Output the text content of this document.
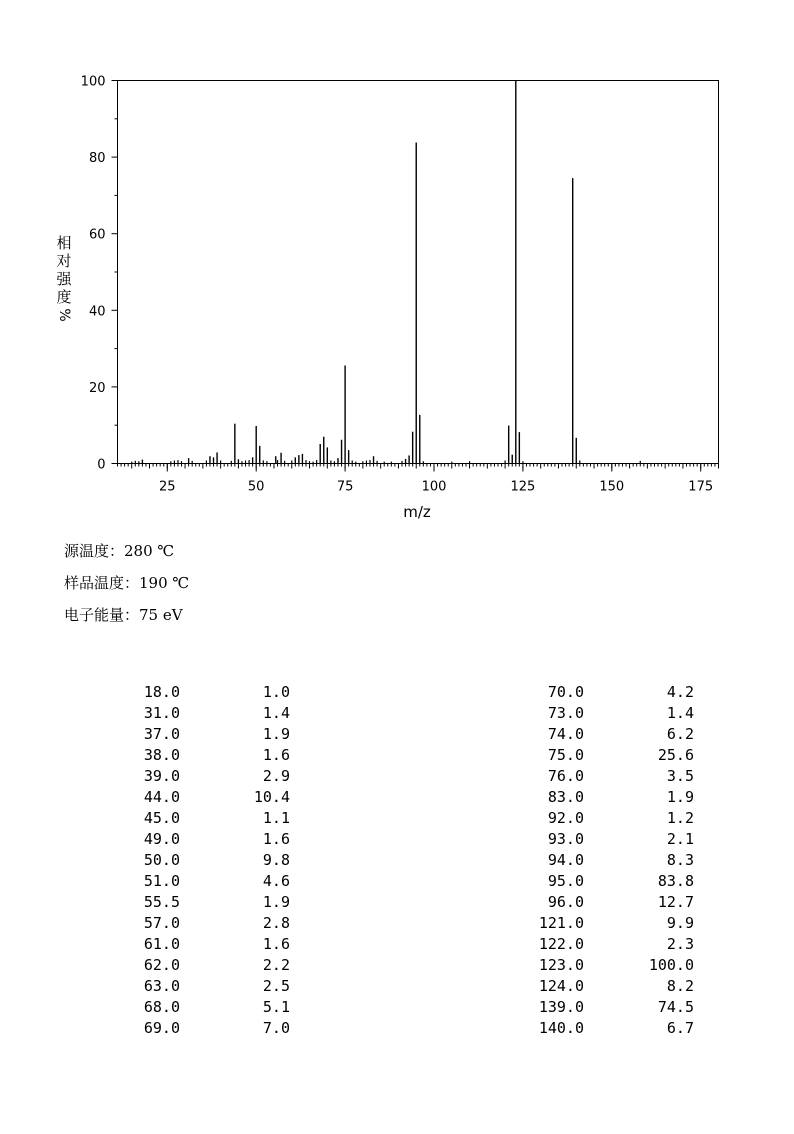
0
20
40
60
80
100
25	50	75	100	125	150	175
m/z
相
对
强
度
%
源温度：280 ℃
样品温度：190 ℃
电子能量：75 eV
18.0	1.0
31.0	1.4
37.0	1.9
38.0	1.6
39.0	2.9
44.0	10.4
45.0	1.1
49.0	1.6
50.0	9.8
51.0	4.6
55.5	1.9
57.0	2.8
61.0	1.6
62.0	2.2
63.0	2.5
68.0	5.1
69.0	7.0
70.0	4.2
73.0	1.4
74.0	6.2
75.0	25.6
76.0	3.5
83.0	1.9
92.0	1.2
93.0	2.1
94.0	8.3
95.0	83.8
96.0	12.7
121.0	9.9
122.0	2.3
123.0	100.0
124.0	8.2
139.0	74.5
140.0	6.7
